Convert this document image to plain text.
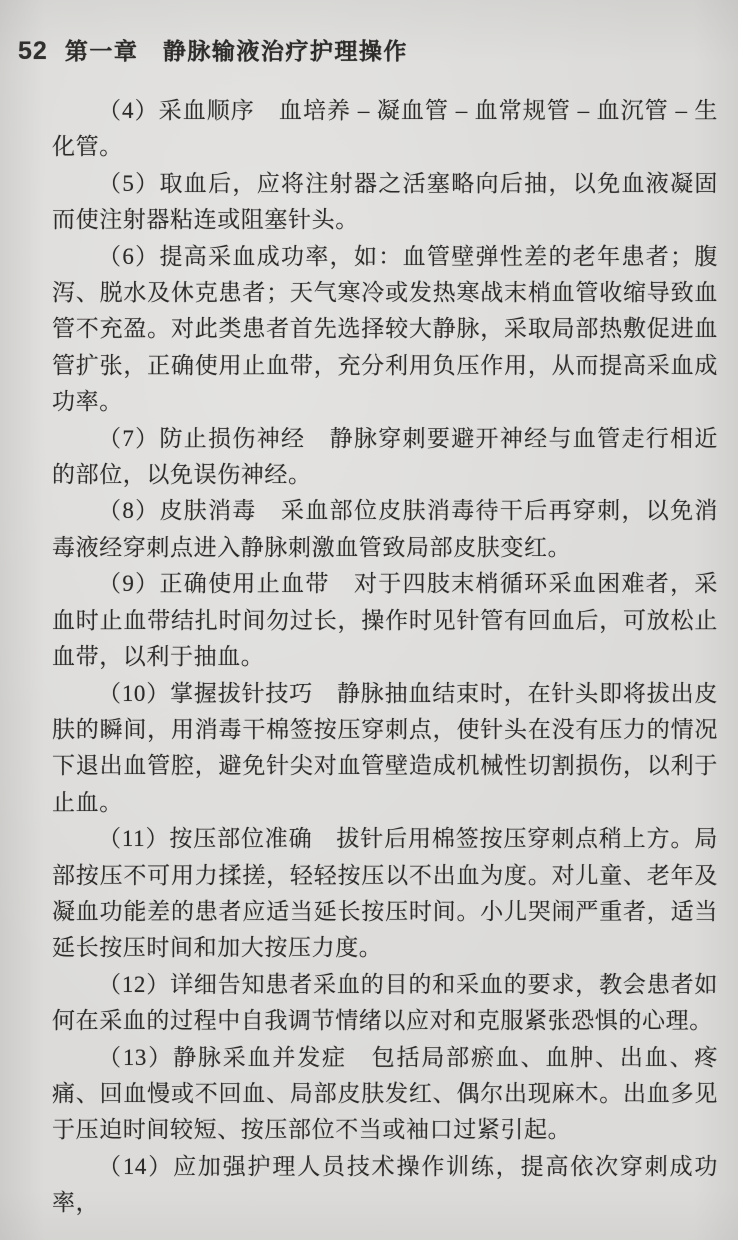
52 第一章　静脉输液治疗护理操作

（4）采血顺序　血培养 – 凝血管 – 血常规管 – 血沉管 – 生化管。

（5）取血后，应将注射器之活塞略向后抽，以免血液凝固而使注射器粘连或阻塞针头。

（6）提高采血成功率，如：血管壁弹性差的老年患者；腹泻、脱水及休克患者；天气寒冷或发热寒战末梢血管收缩导致血管不充盈。对此类患者首先选择较大静脉，采取局部热敷促进血管扩张，正确使用止血带，充分利用负压作用，从而提高采血成功率。

（7）防止损伤神经　静脉穿刺要避开神经与血管走行相近的部位，以免误伤神经。

（8）皮肤消毒　采血部位皮肤消毒待干后再穿刺，以免消毒液经穿刺点进入静脉刺激血管致局部皮肤变红。

（9）正确使用止血带　对于四肢末梢循环采血困难者，采血时止血带结扎时间勿过长，操作时见针管有回血后，可放松止血带，以利于抽血。

（10）掌握拔针技巧　静脉抽血结束时，在针头即将拔出皮肤的瞬间，用消毒干棉签按压穿刺点，使针头在没有压力的情况下退出血管腔，避免针尖对血管壁造成机械性切割损伤，以利于止血。

（11）按压部位准确　拔针后用棉签按压穿刺点稍上方。局部按压不可用力揉搓，轻轻按压以不出血为度。对儿童、老年及凝血功能差的患者应适当延长按压时间。小儿哭闹严重者，适当延长按压时间和加大按压力度。

（12）详细告知患者采血的目的和采血的要求，教会患者如何在采血的过程中自我调节情绪以应对和克服紧张恐惧的心理。

（13）静脉采血并发症　包括局部瘀血、血肿、出血、疼痛、回血慢或不回血、局部皮肤发红、偶尔出现麻木。出血多见于压迫时间较短、按压部位不当或袖口过紧引起。

（14）应加强护理人员技术操作训练，提高依次穿刺成功率，
